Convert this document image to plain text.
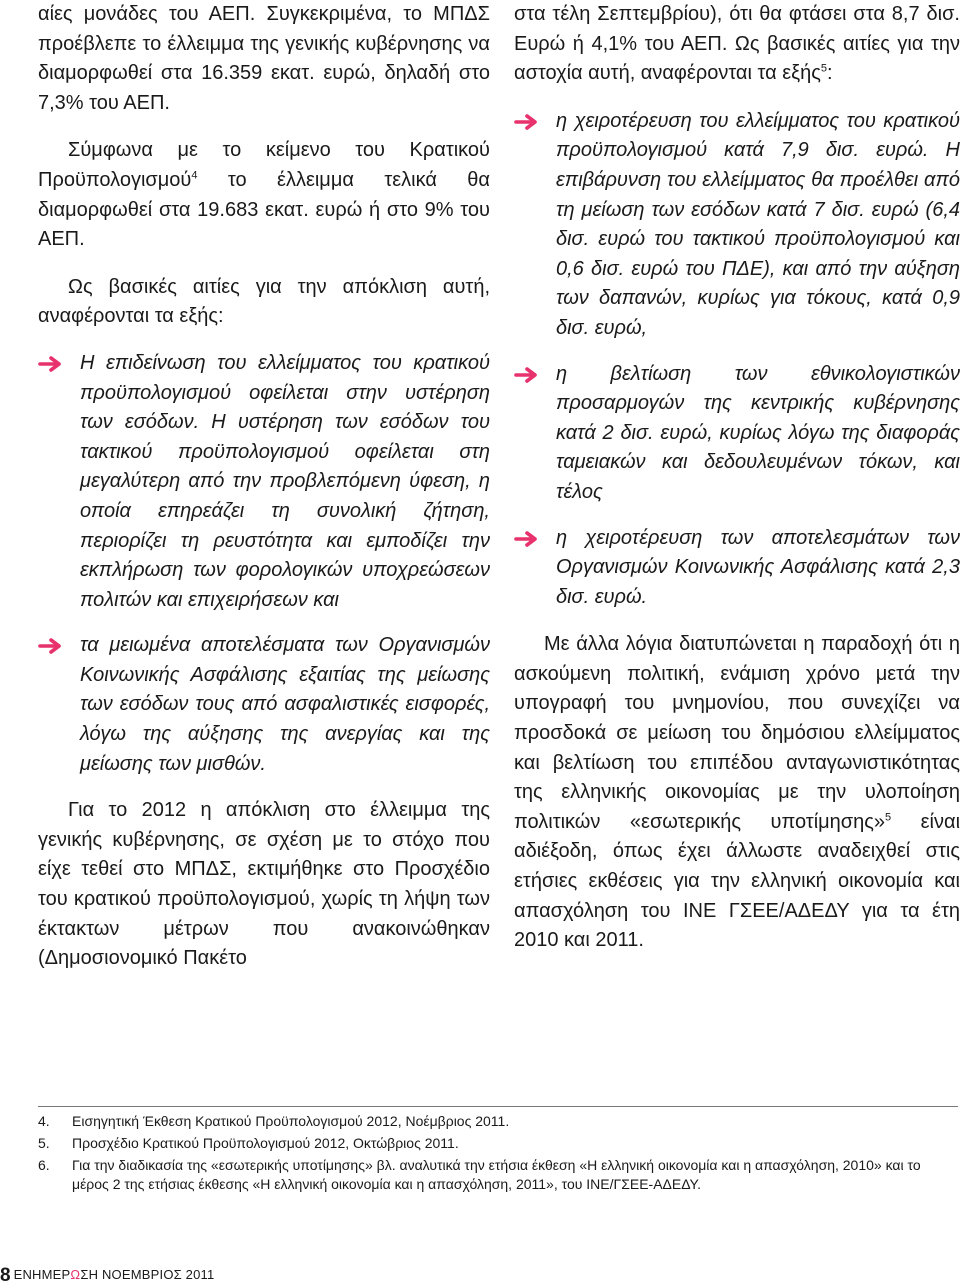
αίες μονάδες του ΑΕΠ. Συγκεκριμένα, το ΜΠΔΣ προέβλεπε το έλλειμμα της γενικής κυβέρνησης να διαμορφωθεί στα 16.359 εκατ. ευρώ, δηλαδή στο 7,3% του ΑΕΠ.

Σύμφωνα με το κείμενο του Κρατικού Προϋπολογισμού$^4$ το έλλειμμα τελικά θα διαμορφωθεί στα 19.683 εκατ. ευρώ ή στο 9% του ΑΕΠ.

Ως βασικές αιτίες για την απόκλιση αυτή, αναφέρονται τα εξής:

Η επιδείνωση του ελλείμματος του κρατικού προϋπολογισμού οφείλεται στην υστέρηση των εσόδων. Η υστέρηση των εσόδων του τακτικού προϋπολογισμού οφείλεται στη μεγαλύτερη από την προβλεπόμενη ύφεση, η οποία επηρεάζει τη συνολική ζήτηση, περιορίζει τη ρευστότητα και εμποδίζει την εκπλήρωση των φορολογικών υποχρεώσεων πολιτών και επιχειρήσεων και
τα μειωμένα αποτελέσματα των Οργανισμών Κοινωνικής Ασφάλισης εξαιτίας της μείωσης των εσόδων τους από ασφαλιστικές εισφορές, λόγω της αύξησης της ανεργίας και της μείωσης των μισθών.

Για το 2012 η απόκλιση στο έλλειμμα της γενικής κυβέρνησης, σε σχέση με το στόχο που είχε τεθεί στο ΜΠΔΣ, εκτιμήθηκε στο Προσχέδιο του κρατικού προϋπολογισμού, χωρίς τη λήψη των έκτακτων μέτρων που ανακοινώθηκαν (Δημοσιονομικό Πακέτο

στα τέλη Σεπτεμβρίου), ότι θα φτάσει στα 8,7 δισ. Ευρώ ή 4,1% του ΑΕΠ. Ως βασικές αιτίες για την αστοχία αυτή, αναφέρονται τα εξής$^5$:

η χειροτέρευση του ελλείμματος του κρατικού προϋπολογισμού κατά 7,9 δισ. ευρώ. Η επιβάρυνση του ελλείμματος θα προέλθει από τη μείωση των εσόδων κατά 7 δισ. ευρώ (6,4 δισ. ευρώ του τακτικού προϋπολογισμού και 0,6 δισ. ευρώ του ΠΔΕ), και από την αύξηση των δαπανών, κυρίως για τόκους, κατά 0,9 δισ. ευρώ,
η βελτίωση των εθνικολογιστικών προσαρμογών της κεντρικής κυβέρνησης κατά 2 δισ. ευρώ, κυρίως λόγω της διαφοράς ταμειακών και δεδουλευμένων τόκων, και τέλος
η χειροτέρευση των αποτελεσμάτων των Οργανισμών Κοινωνικής Ασφάλισης κατά 2,3 δισ. ευρώ.

Με άλλα λόγια διατυπώνεται η παραδοχή ότι η ασκούμενη πολιτική, ενάμιση χρόνο μετά την υπογραφή του μνημονίου, που συνεχίζει να προσδοκά σε μείωση του δημόσιου ελλείμματος και βελτίωση του επιπέδου ανταγωνιστικότητας της ελληνικής οικονομίας με την υλοποίηση πολιτικών «εσωτερικής υποτίμησης»$^5$ είναι αδιέξοδη, όπως έχει άλλωστε αναδειχθεί στις ετήσιες εκθέσεις για την ελληνική οικονομία και απασχόληση του ΙΝΕ ΓΣΕΕ/ΑΔΕΔΥ για τα έτη 2010 και 2011.

4. Εισηγητική Έκθεση Κρατικού Προϋπολογισμού 2012, Νοέμβριος 2011.

5. Προσχέδιο Κρατικού Προϋπολογισμού 2012, Οκτώβριος 2011.

6. Για την διαδικασία της «εσωτερικής υποτίμησης» βλ. αναλυτικά την ετήσια έκθεση «Η ελληνική οικονομία και η απασχόληση, 2010» και το μέρος 2 της ετήσιας έκθεσης «Η ελληνική οικονομία και η απασχόληση, 2011», του ΙΝΕ/ΓΣΕΕ-ΑΔΕΔΥ.

8 ΕΝΗΜΕΡΩΣΗ ΝΟΕΜΒΡΙΟΣ 2011
